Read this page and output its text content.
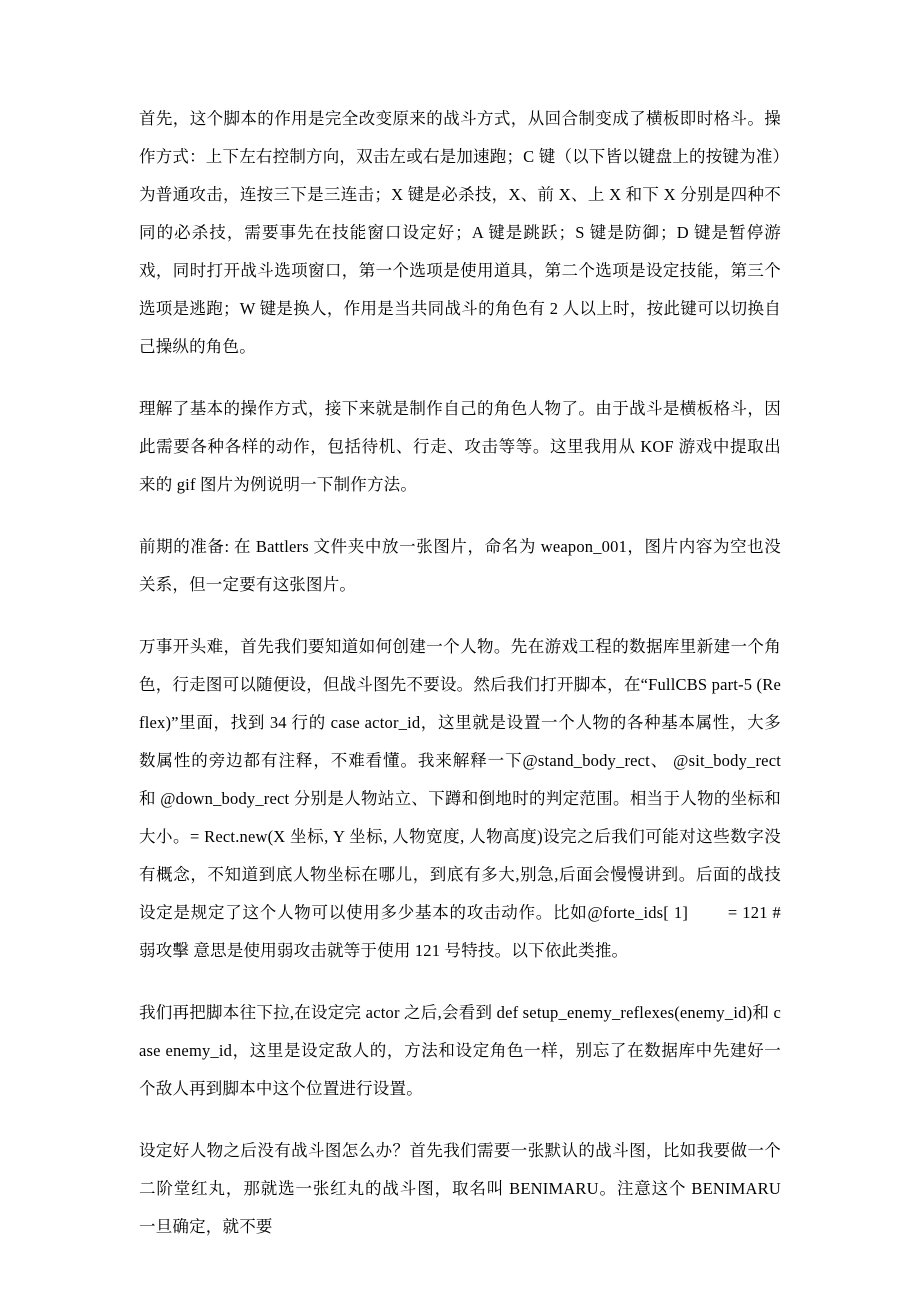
首先，这个脚本的作用是完全改变原来的战斗方式，从回合制变成了横板即时格斗。操作方式：上下左右控制方向，双击左或右是加速跑；C 键（以下皆以键盘上的按键为准）为普通攻击，连按三下是三连击；X 键是必杀技，X、前 X、上 X 和下 X 分别是四种不同的必杀技，需要事先在技能窗口设定好；A 键是跳跃；S 键是防御；D 键是暂停游戏，同时打开战斗选项窗口，第一个选项是使用道具，第二个选项是设定技能，第三个选项是逃跑；W 键是换人，作用是当共同战斗的角色有 2 人以上时，按此键可以切换自己操纵的角色。

理解了基本的操作方式，接下来就是制作自己的角色人物了。由于战斗是横板格斗，因此需要各种各样的动作，包括待机、行走、攻击等等。这里我用从 KOF 游戏中提取出来的 gif 图片为例说明一下制作方法。

前期的准备: 在 Battlers 文件夹中放一张图片，命名为 weapon_001，图片内容为空也没关系，但一定要有这张图片。

万事开头难，首先我们要知道如何创建一个人物。先在游戏工程的数据库里新建一个角色，行走图可以随便设，但战斗图先不要设。然后我们打开脚本，在“FullCBS part-5 (Reflex)”里面，找到 34 行的 case actor_id，这里就是设置一个人物的各种基本属性，大多数属性的旁边都有注释，不难看懂。我来解释一下@stand_body_rect、 @sit_body_rect 和 @down_body_rect 分别是人物站立、下蹲和倒地时的判定范围。相当于人物的坐标和大小。= Rect.new(X 坐标, Y 坐标, 人物宽度, 人物高度)设完之后我们可能对这些数字没有概念，不知道到底人物坐标在哪儿，到底有多大,别急,后面会慢慢讲到。后面的战技设定是规定了这个人物可以使用多少基本的攻击动作。比如@forte_ids[ 1]　　 = 121 # 弱攻擊 意思是使用弱攻击就等于使用 121 号特技。以下依此类推。

我们再把脚本往下拉,在设定完 actor 之后,会看到 def setup_enemy_reflexes(enemy_id)和 case enemy_id，这里是设定敌人的，方法和设定角色一样，别忘了在数据库中先建好一个敌人再到脚本中这个位置进行设置。

设定好人物之后没有战斗图怎么办？首先我们需要一张默认的战斗图，比如我要做一个二阶堂红丸，那就选一张红丸的战斗图，取名叫 BENIMARU。注意这个 BENIMARU 一旦确定，就不要
